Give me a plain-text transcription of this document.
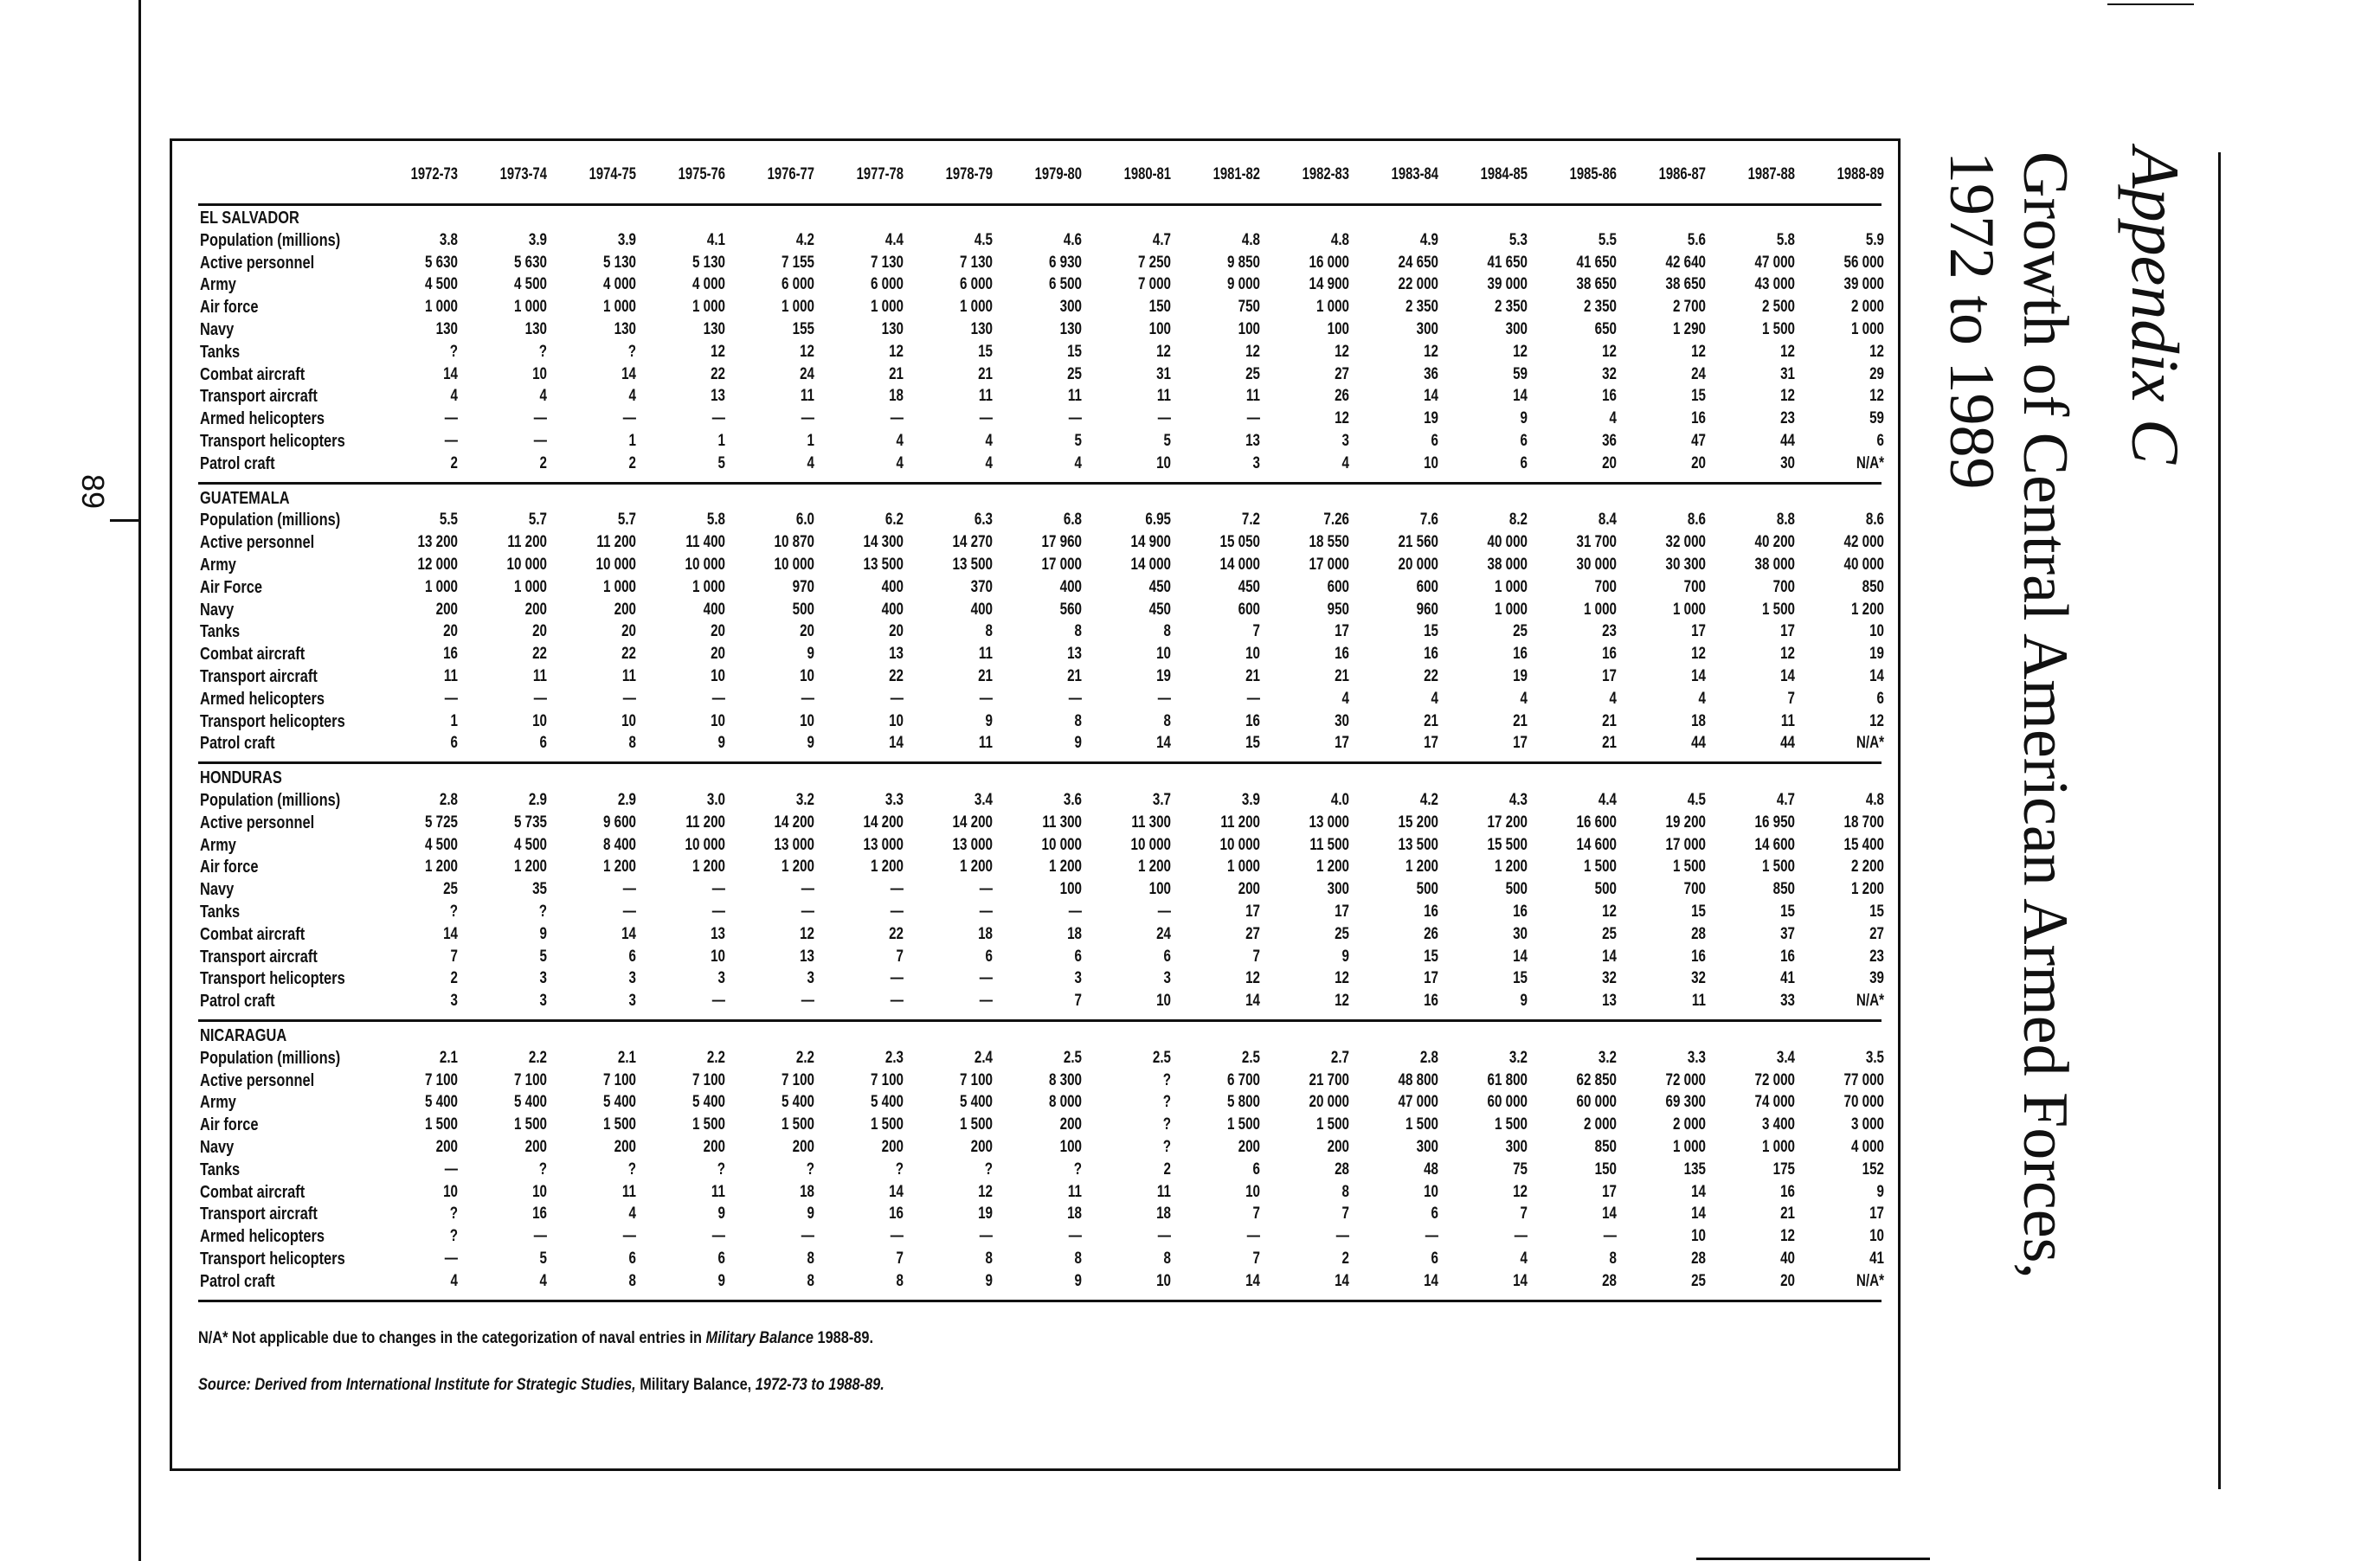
89
Appendix C
Growth of Central American Armed Forces,
1972 to 1989
1972-73	1973-74	1974-75	1975-76	1976-77	1977-78	1978-79	1979-80	1980-81	1981-82	1982-83	1983-84	1984-85	1985-86	1986-87	1987-88	1988-89
EL SALVADOR
Population (millions)	3.8	3.9	3.9	4.1	4.2	4.4	4.5	4.6	4.7	4.8	4.8	4.9	5.3	5.5	5.6	5.8	5.9
Active personnel	5 630	5 630	5 130	5 130	7 155	7 130	7 130	6 930	7 250	9 850	16 000	24 650	41 650	41 650	42 640	47 000	56 000
Army	4 500	4 500	4 000	4 000	6 000	6 000	6 000	6 500	7 000	9 000	14 900	22 000	39 000	38 650	38 650	43 000	39 000
Air force	1 000	1 000	1 000	1 000	1 000	1 000	1 000	300	150	750	1 000	2 350	2 350	2 350	2 700	2 500	2 000
Navy	130	130	130	130	155	130	130	130	100	100	100	300	300	650	1 290	1 500	1 000
Tanks	?	?	?	12	12	12	15	15	12	12	12	12	12	12	12	12	12
Combat aircraft	14	10	14	22	24	21	21	25	31	25	27	36	59	32	24	31	29
Transport aircraft	4	4	4	13	11	18	11	11	11	11	26	14	14	16	15	12	12
Armed helicopters	—	—	—	—	—	—	—	—	—	—	12	19	9	4	16	23	59
Transport helicopters	—	—	1	1	1	4	4	5	5	13	3	6	6	36	47	44	6
Patrol craft	2	2	2	5	4	4	4	4	10	3	4	10	6	20	20	30	N/A*
GUATEMALA
Population (millions)	5.5	5.7	5.7	5.8	6.0	6.2	6.3	6.8	6.95	7.2	7.26	7.6	8.2	8.4	8.6	8.8	8.6
Active personnel	13 200	11 200	11 200	11 400	10 870	14 300	14 270	17 960	14 900	15 050	18 550	21 560	40 000	31 700	32 000	40 200	42 000
Army	12 000	10 000	10 000	10 000	10 000	13 500	13 500	17 000	14 000	14 000	17 000	20 000	38 000	30 000	30 300	38 000	40 000
Air Force	1 000	1 000	1 000	1 000	970	400	370	400	450	450	600	600	1 000	700	700	700	850
Navy	200	200	200	400	500	400	400	560	450	600	950	960	1 000	1 000	1 000	1 500	1 200
Tanks	20	20	20	20	20	20	8	8	8	7	17	15	25	23	17	17	10
Combat aircraft	16	22	22	20	9	13	11	13	10	10	16	16	16	16	12	12	19
Transport aircraft	11	11	11	10	10	22	21	21	19	21	21	22	19	17	14	14	14
Armed helicopters	—	—	—	—	—	—	—	—	—	—	4	4	4	4	4	7	6
Transport helicopters	1	10	10	10	10	10	9	8	8	16	30	21	21	21	18	11	12
Patrol craft	6	6	8	9	9	14	11	9	14	15	17	17	17	21	44	44	N/A*
HONDURAS
Population (millions)	2.8	2.9	2.9	3.0	3.2	3.3	3.4	3.6	3.7	3.9	4.0	4.2	4.3	4.4	4.5	4.7	4.8
Active personnel	5 725	5 735	9 600	11 200	14 200	14 200	14 200	11 300	11 300	11 200	13 000	15 200	17 200	16 600	19 200	16 950	18 700
Army	4 500	4 500	8 400	10 000	13 000	13 000	13 000	10 000	10 000	10 000	11 500	13 500	15 500	14 600	17 000	14 600	15 400
Air force	1 200	1 200	1 200	1 200	1 200	1 200	1 200	1 200	1 200	1 000	1 200	1 200	1 200	1 500	1 500	1 500	2 200
Navy	25	35	—	—	—	—	—	100	100	200	300	500	500	500	700	850	1 200
Tanks	?	?	—	—	—	—	—	—	—	17	17	16	16	12	15	15	15
Combat aircraft	14	9	14	13	12	22	18	18	24	27	25	26	30	25	28	37	27
Transport aircraft	7	5	6	10	13	7	6	6	6	7	9	15	14	14	16	16	23
Transport helicopters	2	3	3	3	3	—	—	3	3	12	12	17	15	32	32	41	39
Patrol craft	3	3	3	—	—	—	—	7	10	14	12	16	9	13	11	33	N/A*
NICARAGUA
Population (millions)	2.1	2.2	2.1	2.2	2.2	2.3	2.4	2.5	2.5	2.5	2.7	2.8	3.2	3.2	3.3	3.4	3.5
Active personnel	7 100	7 100	7 100	7 100	7 100	7 100	7 100	8 300	?	6 700	21 700	48 800	61 800	62 850	72 000	72 000	77 000
Army	5 400	5 400	5 400	5 400	5 400	5 400	5 400	8 000	?	5 800	20 000	47 000	60 000	60 000	69 300	74 000	70 000
Air force	1 500	1 500	1 500	1 500	1 500	1 500	1 500	200	?	1 500	1 500	1 500	1 500	2 000	2 000	3 400	3 000
Navy	200	200	200	200	200	200	200	100	?	200	200	300	300	850	1 000	1 000	4 000
Tanks	—	?	?	?	?	?	?	?	2	6	28	48	75	150	135	175	152
Combat aircraft	10	10	11	11	18	14	12	11	11	10	8	10	12	17	14	16	9
Transport aircraft	?	16	4	9	9	16	19	18	18	7	7	6	7	14	14	21	17
Armed helicopters	?	—	—	—	—	—	—	—	—	—	—	—	—	—	10	12	10
Transport helicopters	—	5	6	6	8	7	8	8	8	7	2	6	4	8	28	40	41
Patrol craft	4	4	8	9	8	8	9	9	10	14	14	14	14	28	25	20	N/A*
N/A* Not applicable due to changes in the categorization of naval entries in Military Balance 1988-89.
Source: Derived from International Institute for Strategic Studies, Military Balance, 1972-73 to 1988-89.
